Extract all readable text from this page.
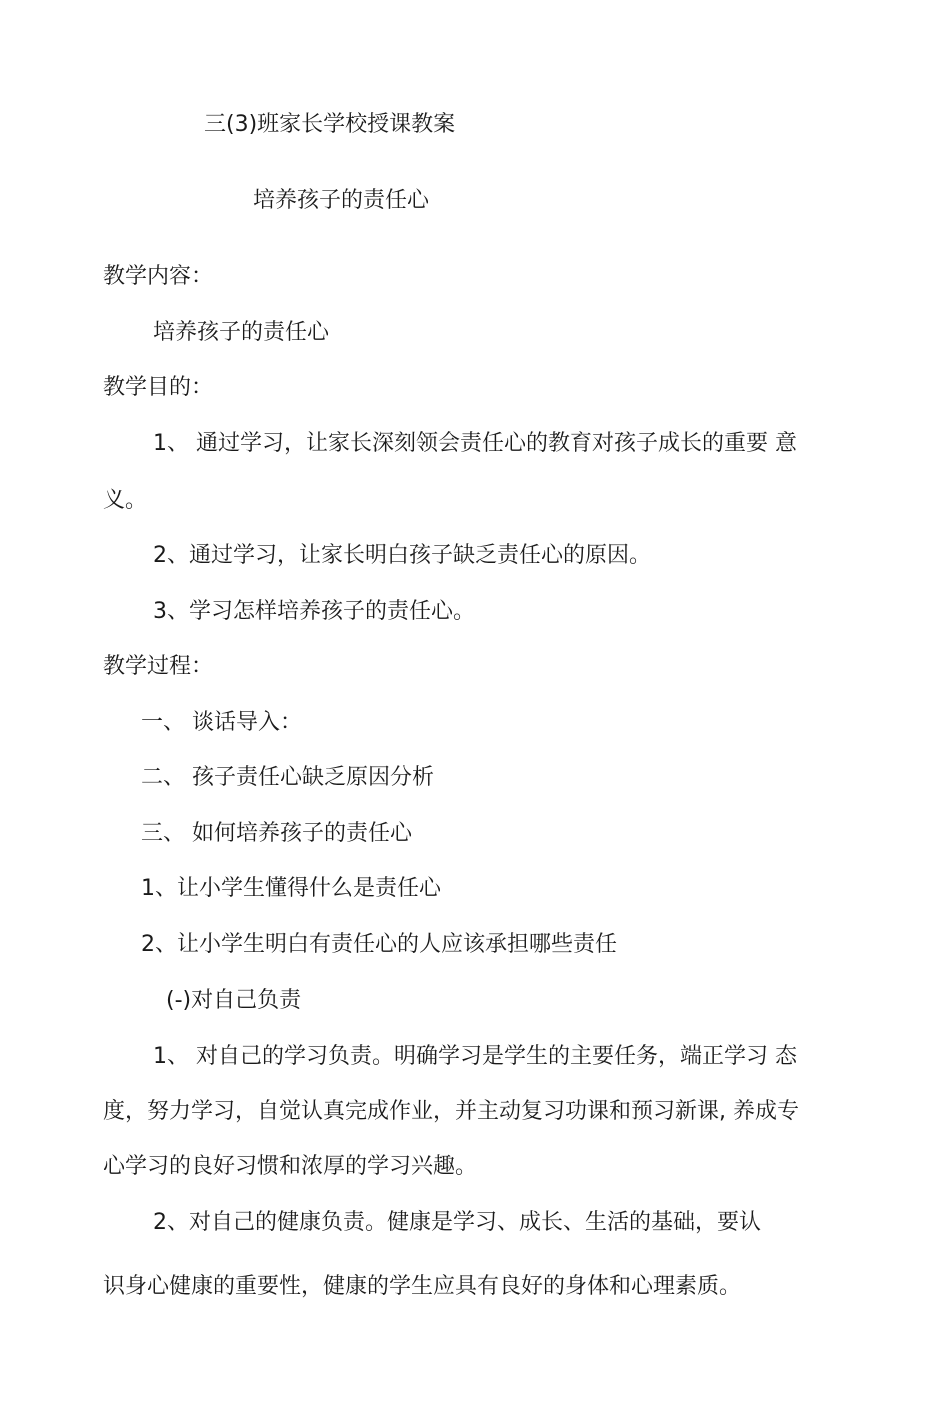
三(3)班家长学校授课教案

培养孩子的责任心

教学内容：

培养孩子的责任心

教学目的：

1、 通过学习，让家长深刻领会责任心的教育对孩子成长的重要 意

义。

2、通过学习，让家长明白孩子缺乏责任心的原因。

3、学习怎样培养孩子的责任心。

教学过程：

一、 谈话导入：

二、 孩子责任心缺乏原因分析

三、 如何培养孩子的责任心

1、让小学生懂得什么是责任心

2、让小学生明白有责任心的人应该承担哪些责任

(-)对自己负责

1、 对自己的学习负责。明确学习是学生的主要任务，端正学习 态

度，努力学习，自觉认真完成作业，并主动复习功课和预习新课, 养成专

心学习的良好习惯和浓厚的学习兴趣。

2、对自己的健康负责。健康是学习、成长、生活的基础，要认

识身心健康的重要性，健康的学生应具有良好的身体和心理素质。
